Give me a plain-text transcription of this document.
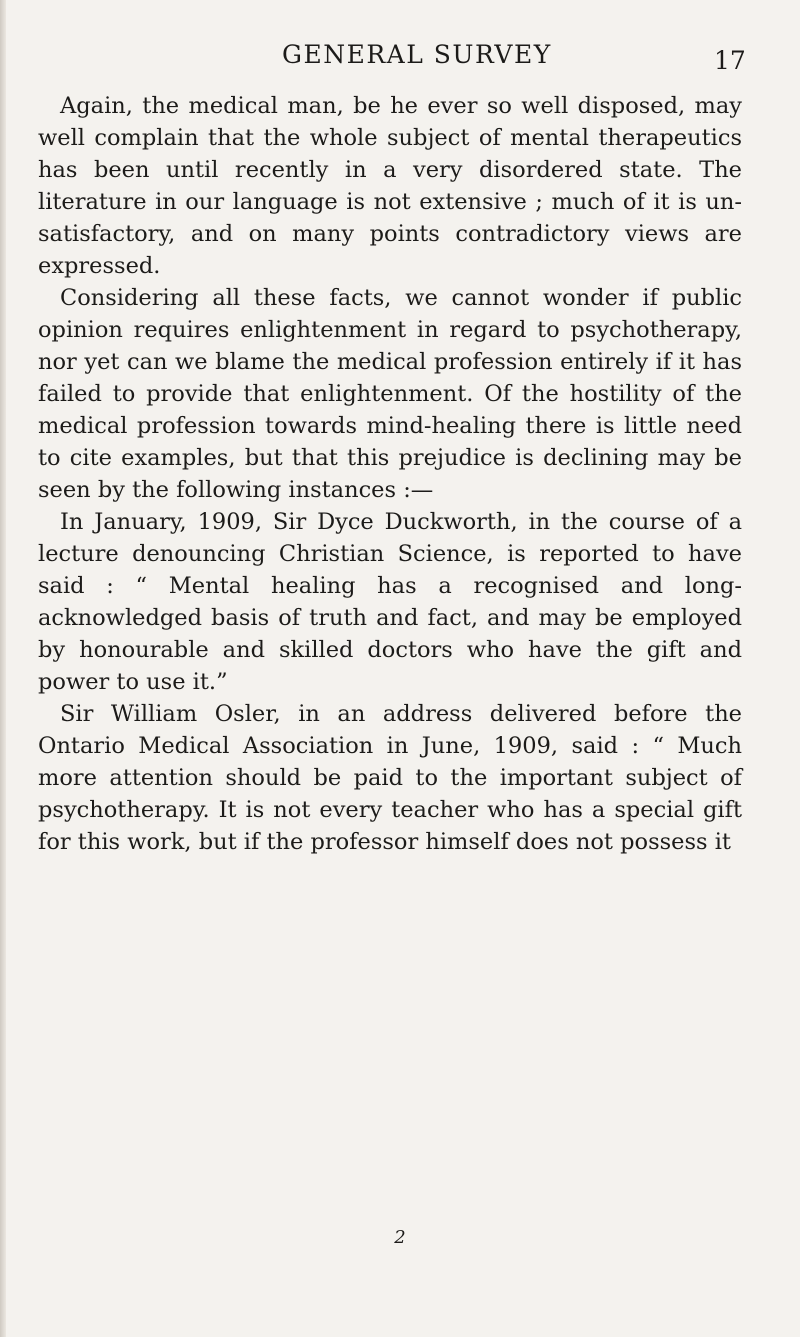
GENERAL SURVEY	17

Again, the medical man, be he ever so well disposed, may well complain that the whole subject of mental therapeutics has been until recently in a very disordered state. The literature in our language is not extensive ; much of it is un-satisfactory, and on many points contradictory views are expressed.

Considering all these facts, we cannot wonder if public opinion requires enlightenment in regard to psychotherapy, nor yet can we blame the medical profession entirely if it has failed to provide that enlightenment. Of the hostility of the medical profession towards mind-healing there is little need to cite examples, but that this prejudice is declining may be seen by the following instances :—

In January, 1909, Sir Dyce Duckworth, in the course of a lecture denouncing Christian Science, is reported to have said : “ Mental healing has a recognised and long-acknowledged basis of truth and fact, and may be employed by honourable and skilled doctors who have the gift and power to use it.”

Sir William Osler, in an address delivered before the Ontario Medical Association in June, 1909, said : “ Much more attention should be paid to the important subject of psychotherapy. It is not every teacher who has a special gift for this work, but if the professor himself does not possess it

2
